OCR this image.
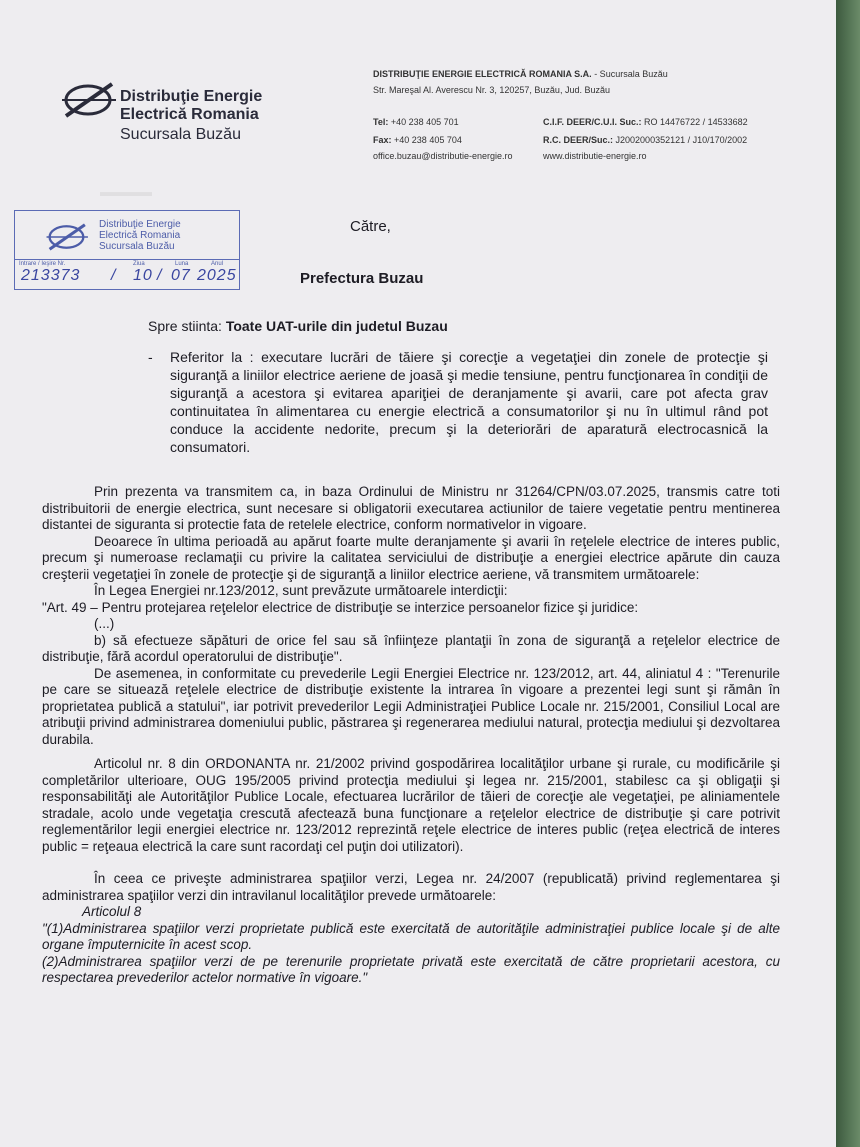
Distribuţie Energie
Electrică Romania
Sucursala Buzău
DISTRIBUŢIE ENERGIE ELECTRICĂ ROMANIA S.A. - Sucursala Buzău
Str. Mareşal Al. Averescu Nr. 3, 120257, Buzău, Jud. Buzău
Tel: +40 238 405 701
Fax: +40 238 405 704
office.buzau@distributie-energie.ro
C.I.F. DEER/C.U.I. Suc.: RO 14476722 / 14533682
R.C. DEER/Suc.: J2002000352121 / J10/170/2002
www.distributie-energie.ro
▬▬▬▬
Distribuţie Energie
Electrică Romania
Sucursala Buzău
Intrare / Ieşire Nr.	Ziua	Luna	Anul
213373 / 10 / 07 2025
Către,
Prefectura Buzau
Spre stiinta: Toate UAT-urile din judetul Buzau
- Referitor la : executare lucrări de tăiere şi corecţie a vegetaţiei din zonele de protecţie şi siguranţă a liniilor electrice aeriene de joasă şi medie tensiune, pentru funcţionarea în condiţii de siguranţă a acestora şi evitarea apariţiei de deranjamente şi avarii, care pot afecta grav continuitatea în alimentarea cu energie electrică a consumatorilor şi nu în ultimul rând pot conduce la accidente nedorite, precum şi la deteriorări de aparatură electrocasnică la consumatori.

Prin prezenta va transmitem ca, in baza Ordinului de Ministru nr 31264/CPN/03.07.2025, transmis catre toti distribuitorii de energie electrica, sunt necesare si obligatorii executarea actiunilor de taiere vegetatie pentru mentinerea distantei de siguranta si protectie fata de retelele electrice, conform normativelor in vigoare.

Deoarece în ultima perioadă au apărut foarte multe deranjamente şi avarii în reţelele electrice de interes public, precum şi numeroase reclamaţii cu privire la calitatea serviciului de distribuţie a energiei electrice apărute din cauza creşterii vegetaţiei în zonele de protecţie şi de siguranţă a liniilor electrice aeriene, vă transmitem următoarele:

În Legea Energiei nr.123/2012, sunt prevăzute următoarele interdicţii:

"Art. 49 – Pentru protejarea reţelelor electrice de distribuţie se interzice persoanelor fizice şi juridice:

(...)

b) să efectueze săpături de orice fel sau să înfiinţeze plantaţii în zona de siguranţă a reţelelor electrice de distribuţie, fără acordul operatorului de distribuţie".

De asemenea, in conformitate cu prevederile Legii Energiei Electrice nr. 123/2012, art. 44, aliniatul 4 : "Terenurile pe care se situează reţelele electrice de distribuţie existente la intrarea în vigoare a prezentei legi sunt şi rămân în proprietatea publică a statului", iar potrivit prevederilor Legii Administraţiei Publice Locale nr. 215/2001, Consiliul Local are atribuţii privind administrarea domeniului public, păstrarea şi regenerarea mediului natural, protecţia mediului şi dezvoltarea durabila.

Articolul nr. 8 din ORDONANTA nr. 21/2002 privind gospodărirea localităţilor urbane şi rurale, cu modificările şi completărilor ulterioare, OUG 195/2005 privind protecţia mediului şi legea nr. 215/2001, stabilesc ca şi obligaţii şi responsabilităţi ale Autorităţilor Publice Locale, efectuarea lucrărilor de tăieri de corecţie ale vegetaţiei, pe aliniamentele stradale, acolo unde vegetaţia crescută afectează buna funcţionare a reţelelor electrice de distribuţie şi care potrivit reglementărilor legii energiei electrice nr. 123/2012 reprezintă reţele electrice de interes public (reţea electrică de interes public = reţeaua electrică la care sunt racordaţi cel puţin doi utilizatori).

În ceea ce priveşte administrarea spaţiilor verzi, Legea nr. 24/2007 (republicată) privind reglementarea şi administrarea spaţiilor verzi din intravilanul localităţilor prevede următoarele:

Articolul 8

"(1)Administrarea spaţiilor verzi proprietate publică este exercitată de autorităţile administraţiei publice locale şi de alte organe împuternicite în acest scop.

(2)Administrarea spaţiilor verzi de pe terenurile proprietate privată este exercitată de către proprietarii acestora, cu respectarea prevederilor actelor normative în vigoare."
